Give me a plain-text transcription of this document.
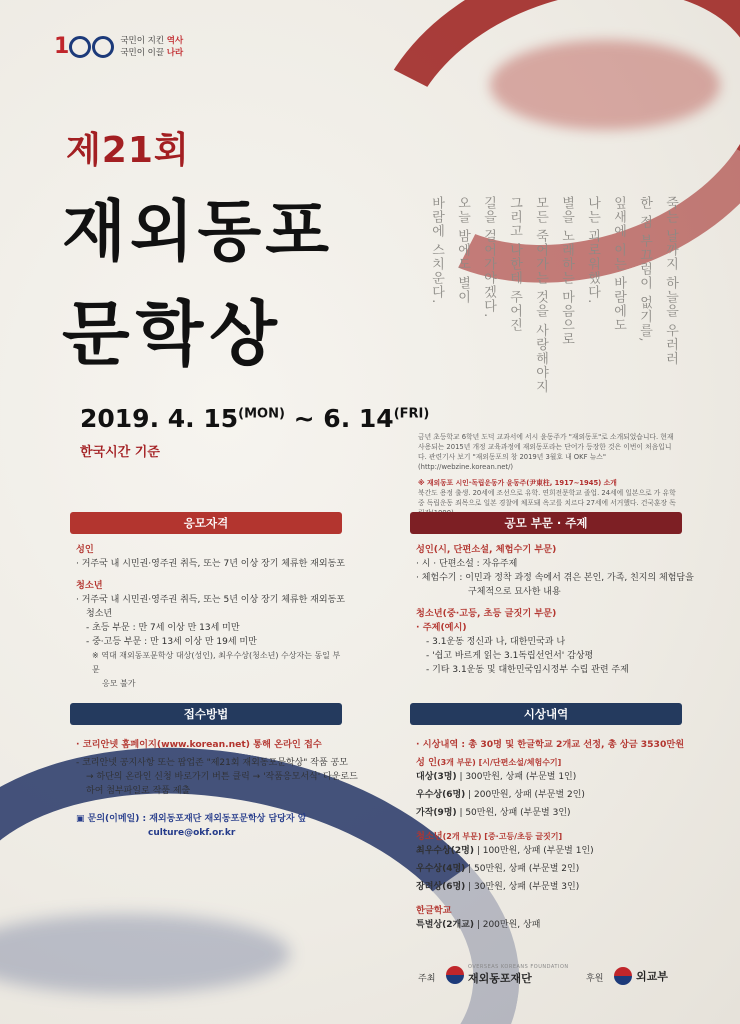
1	국민이 지킨 역사
국민이 이끌 나라
제21회
재외동포
문학상
2019. 4. $15^{(MON)}$ ~ 6. $14^{(FRI)}$
한국시간 기준
죽는 날까지 하늘을 우러러
한 점 부끄럼이 없기를,
잎새에 이는 바람에도
나는 괴로워했다.
별을 노래하는 마음으로
모든 죽어가는 것을 사랑해야지
그리고 나한테 주어진
길을 걸어가야겠다.
오늘 밤에도 별이
바람에 스치운다.
금년 초등학교 6학년 도덕 교과서에 서시 윤동주가 "재외동포"로 소개되었습니다. 현재 사용되는 2015년 개정 교육과정에 재외동포라는 단어가 등장한 것은 이번이 처음입니다. 관련기사 보기 "재외동포의 창 2019년 3월호 내 OKF 뉴스"(http://webzine.korean.net/)
※ 재외동포 시인·독립운동가 윤동주(尹東柱, 1917~1945) 소개
북간도 용정 출생. 20세에 조선으로 유학. 연희전문학교 졸업. 24세에 일본으로 가 유학 중 독립운동 죄목으로 일본 경찰에 체포돼 옥고를 치르다 27세에 서거했다. 건국훈장 독
응모자격
성인
· 거주국 내 시민권·영주권 취득, 또는 7년 이상 장기 체류한 재외동포
청소년
· 거주국 내 시민권·영주권 취득, 또는 5년 이상 장기 체류한 재외동포
청소년
- 초등 부문 : 만 7세 이상 만 13세 미만
- 중·고등 부문 : 만 13세 이상 만 19세 미만
※ 역대 재외동포문학상 대상(성인), 최우수상(청소년) 수상자는 동일 부문
응모 불가
공모 부문 · 주제
성인(시, 단편소설, 체험수기 부문)
· 시 · 단편소설 : 자유주제
· 체험수기 : 이민과 정착 과정 속에서 겪은 본인, 가족, 친지의 체험담을
구체적으로 묘사한 내용
청소년(중·고등, 초등 글짓기 부문)
· 주제(예시)
- 3.1운동 정신과 나, 대한민국과 나
- '쉽고 바르게 읽는 3.1독립선언서' 감상평
- 기타 3.1운동 및 대한민국임시정부 수립 관련 주제
접수방법
· 코리안넷 홈페이지(www.korean.net) 통해 온라인 접수
- 코리안넷 공지사항 또는 팝업존 "제21회 재외동포문학상" 작품 공모
→ 하단의 온라인 신청 바로가기 버튼 클릭 → '작품응모서식' 다운로드
하여 첨부파일로 작품 제출
▣ 문의(이메일) : 재외동포재단 재외동포문학상 담당자 앞
culture@okf.or.kr
시상내역
· 시상내역 : 총 30명 및 한글학교 2개교 선정, 총 상금 3530만원
성 인(3개 부문) [시/단편소설/체험수기]
대상(3명) | 300만원, 상패 (부문별 1인)
우수상(6명) | 200만원, 상패 (부문별 2인)
가작(9명) | 50만원, 상패 (부문별 3인)
청소년(2개 부문) [중·고등/초등 글짓기]
최우수상(2명) | 100만원, 상패 (부문별 1인)
우수상(4명) | 50만원, 상패 (부문별 2인)
장려상(6명) | 30만원, 상패 (부문별 3인)
한글학교
특별상(2개교) | 200만원, 상패
주최
OVERSEAS KOREANS FOUNDATION
재외동포재단	후원	외교부
